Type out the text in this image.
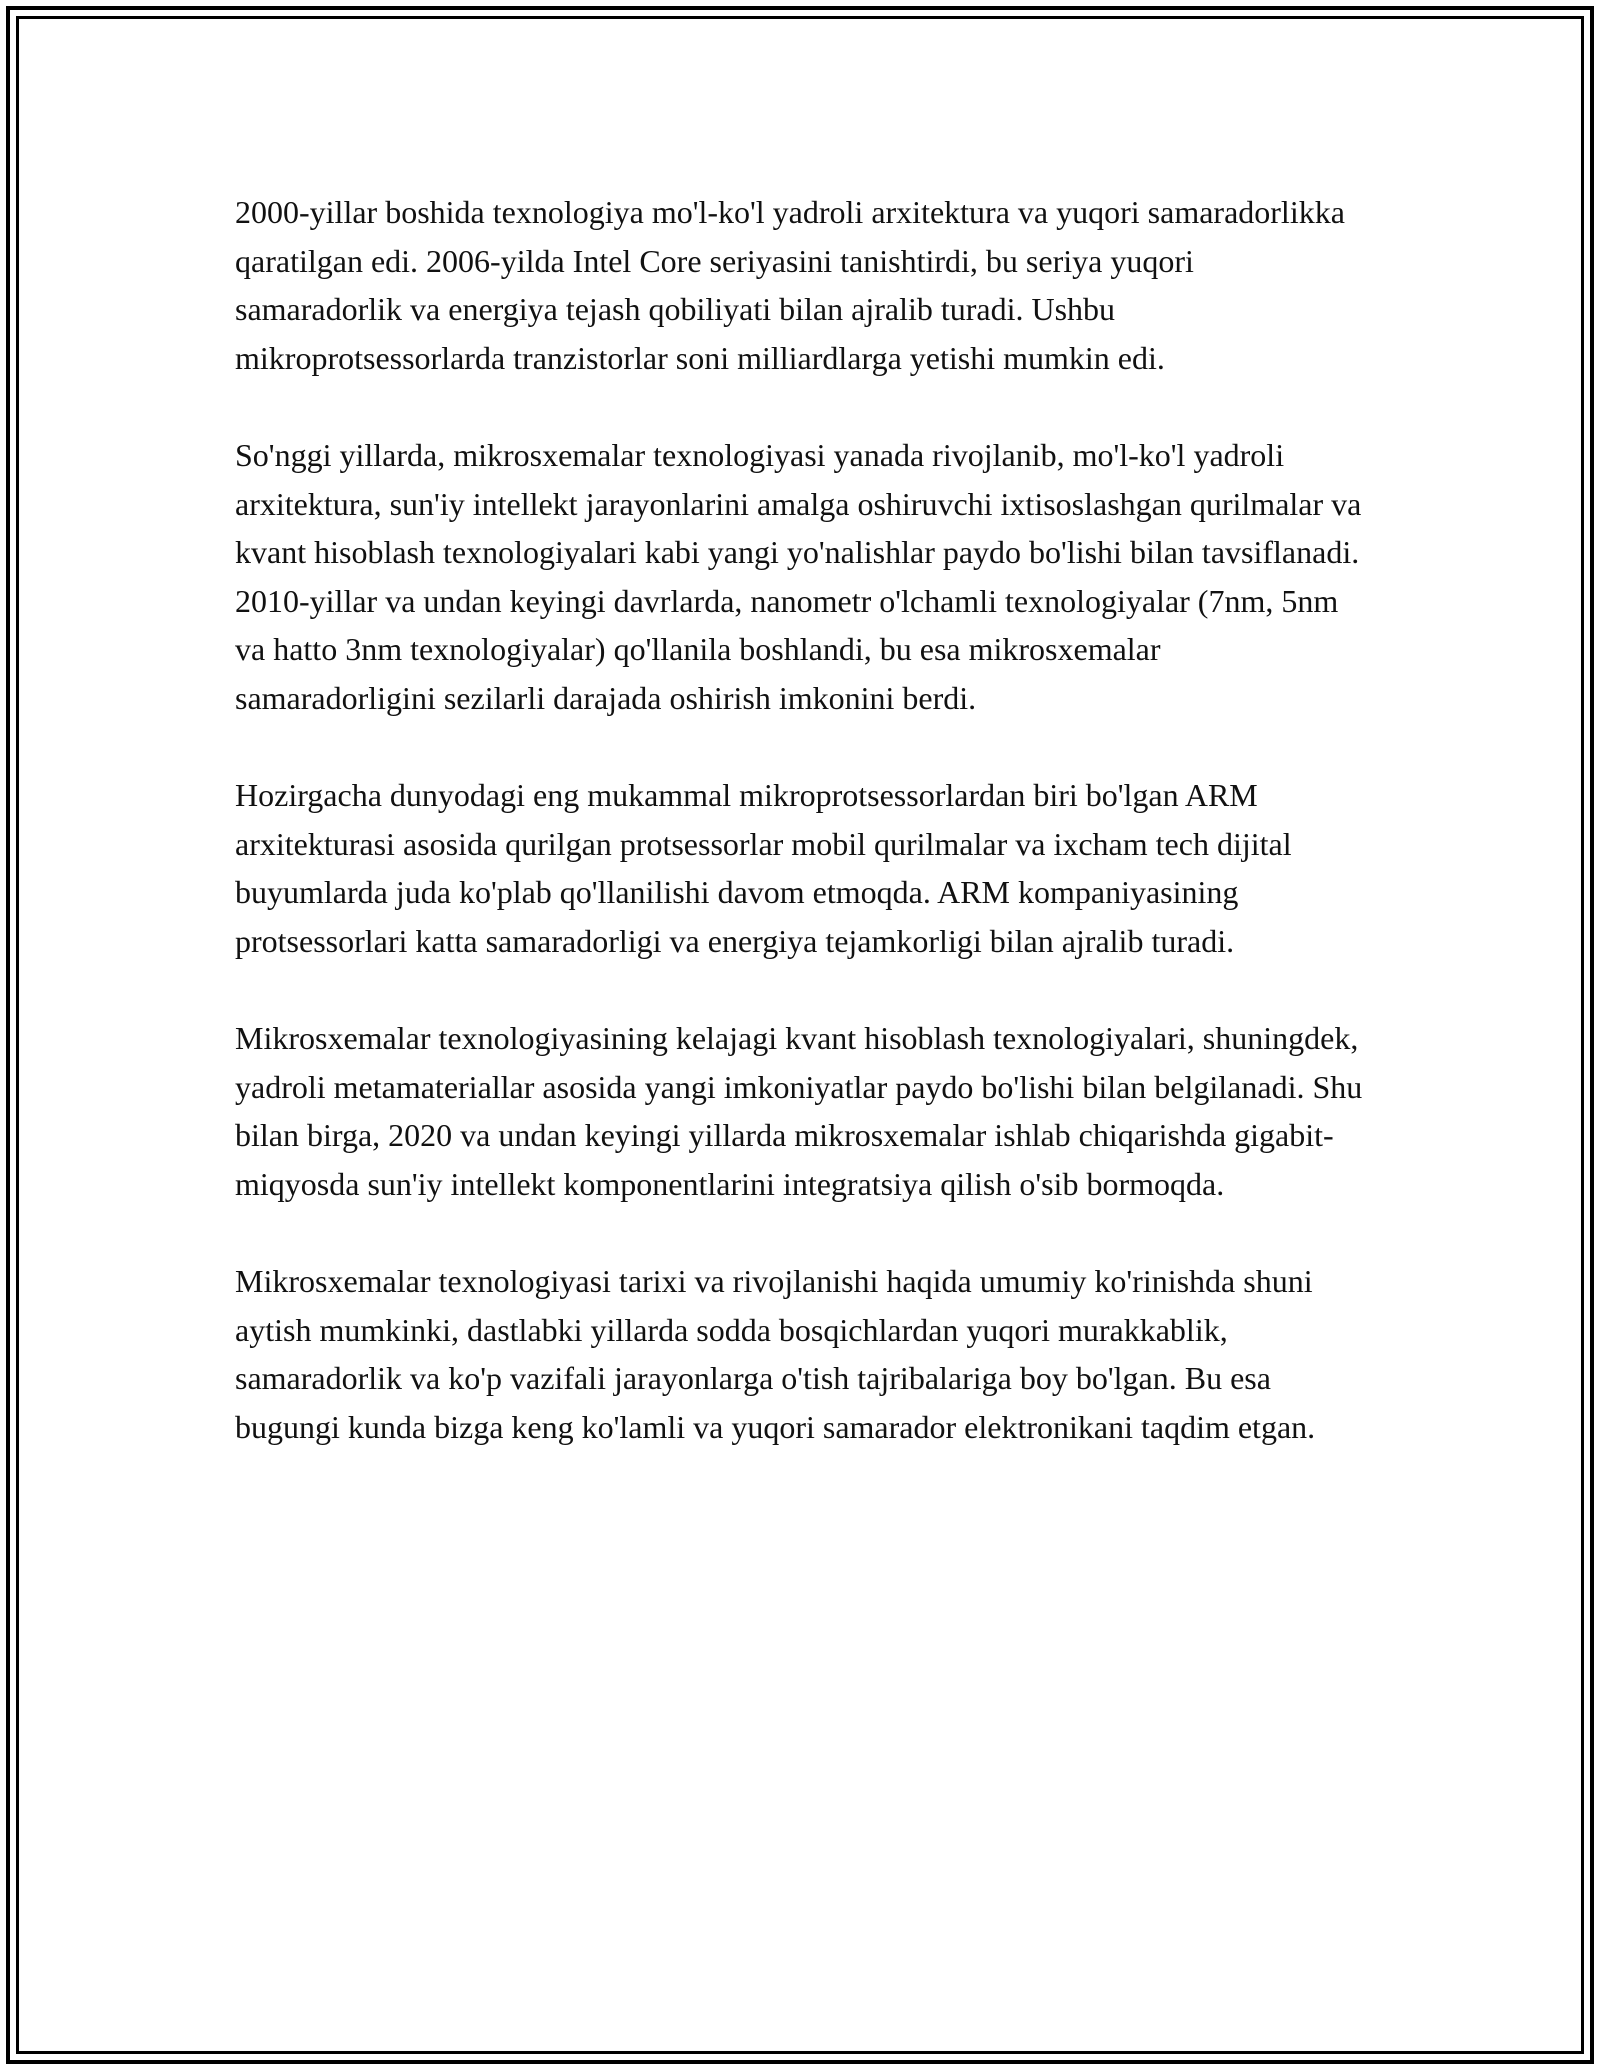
2000-yillar boshida texnologiya mo'l-ko'l yadroli arxitektura va yuqori samaradorlikka qaratilgan edi. 2006-yilda Intel Core seriyasini tanishtirdi, bu seriya yuqori samaradorlik va energiya tejash qobiliyati bilan ajralib turadi. Ushbu mikroprotsessorlarda tranzistorlar soni milliardlarga yetishi mumkin edi.

So'nggi yillarda, mikrosxemalar texnologiyasi yanada rivojlanib, mo'l-ko'l yadroli arxitektura, sun'iy intellekt jarayonlarini amalga oshiruvchi ixtisoslashgan qurilmalar va kvant hisoblash texnologiyalari kabi yangi yo'nalishlar paydo bo'lishi bilan tavsiflanadi. 2010-yillar va undan keyingi davrlarda, nanometr o'lchamli texnologiyalar (7nm, 5nm va hatto 3nm texnologiyalar) qo'llanila boshlandi, bu esa mikrosxemalar samaradorligini sezilarli darajada oshirish imkonini berdi.

Hozirgacha dunyodagi eng mukammal mikroprotsessorlardan biri bo'lgan ARM arxitekturasi asosida qurilgan protsessorlar mobil qurilmalar va ixcham tech dijital buyumlarda juda ko'plab qo'llanilishi davom etmoqda. ARM kompaniyasining protsessorlari katta samaradorligi va energiya tejamkorligi bilan ajralib turadi.

Mikrosxemalar texnologiyasining kelajagi kvant hisoblash texnologiyalari, shuningdek, yadroli metamateriallar asosida yangi imkoniyatlar paydo bo'lishi bilan belgilanadi. Shu bilan birga, 2020 va undan keyingi yillarda mikrosxemalar ishlab chiqarishda gigabit-miqyosda sun'iy intellekt komponentlarini integratsiya qilish o'sib bormoqda.

Mikrosxemalar texnologiyasi tarixi va rivojlanishi haqida umumiy ko'rinishda shuni aytish mumkinki, dastlabki yillarda sodda bosqichlardan yuqori murakkablik, samaradorlik va ko'p vazifali jarayonlarga o'tish tajribalariga boy bo'lgan. Bu esa bugungi kunda bizga keng ko'lamli va yuqori samarador elektronikani taqdim etgan.
